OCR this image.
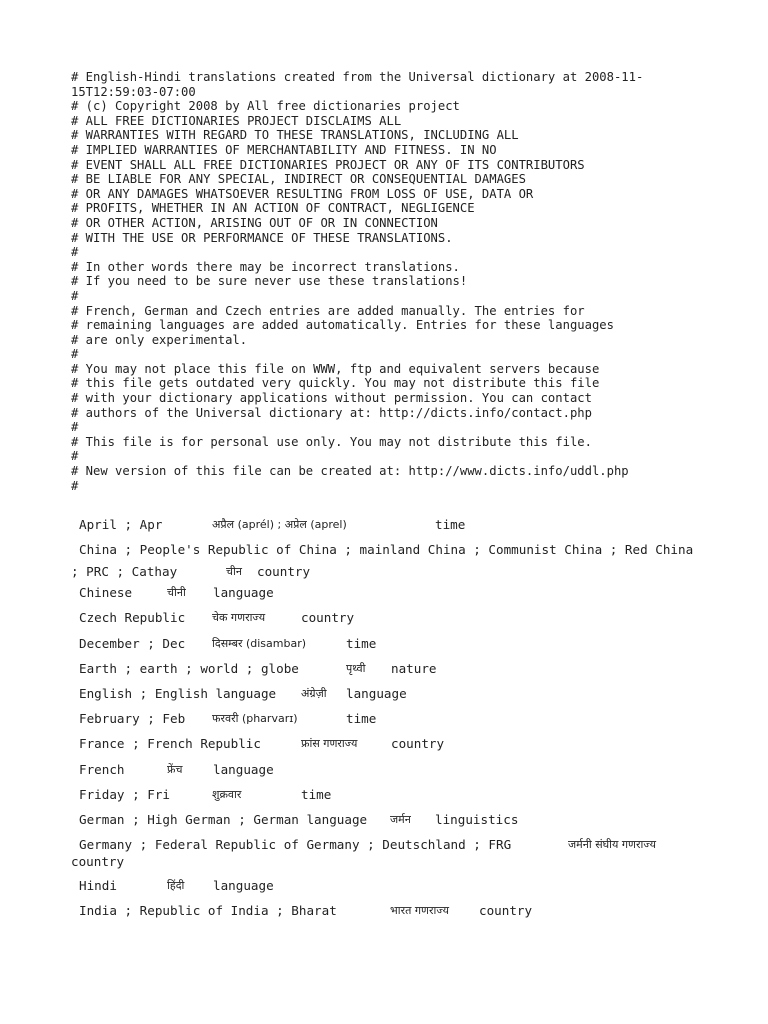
# English-Hindi translations created from the Universal dictionary at 2008-11-
15T12:59:03-07:00
# (c) Copyright 2008 by All free dictionaries project
# ALL FREE DICTIONARIES PROJECT DISCLAIMS ALL
# WARRANTIES WITH REGARD TO THESE TRANSLATIONS, INCLUDING ALL
# IMPLIED WARRANTIES OF MERCHANTABILITY AND FITNESS. IN NO
# EVENT SHALL ALL FREE DICTIONARIES PROJECT OR ANY OF ITS CONTRIBUTORS
# BE LIABLE FOR ANY SPECIAL, INDIRECT OR CONSEQUENTIAL DAMAGES
# OR ANY DAMAGES WHATSOEVER RESULTING FROM LOSS OF USE, DATA OR
# PROFITS, WHETHER IN AN ACTION OF CONTRACT, NEGLIGENCE
# OR OTHER ACTION, ARISING OUT OF OR IN CONNECTION
# WITH THE USE OR PERFORMANCE OF THESE TRANSLATIONS.
#
# In other words there may be incorrect translations.
# If you need to be sure never use these translations!
#
# French, German and Czech entries are added manually. The entries for
# remaining languages are added automatically. Entries for these languages
# are only experimental.
#
# You may not place this file on WWW, ftp and equivalent servers because
# this file gets outdated very quickly. You may not distribute this file
# with your dictionary applications without permission. You can contact
# authors of the Universal dictionary at: http://dicts.info/contact.php
#
# This file is for personal use only. You may not distribute this file.
#
# New version of this file can be created at: http://www.dicts.info/uddl.php
#
April ; Apr	अप्रैल (aprél) ; अप्रेल (aprel)	time
China ; People's Republic of China ; mainland China ; Communist China ; Red China
; PRC ; Cathay	चीन country
Chinese	चीनी language
Czech Republic चेक गणराज्य	country
December ; Dec दिसम्बर (disambar)	time
Earth ; earth ; world ; globe	पृथ्वी nature
English ; English language अंग्रेज़ी language
February ; Feb फरवरी (pharvarɪ)	time
France ; French Republic	फ्रांस गणराज्य	country
French	फ्रेंच language
Friday ; Fri	शुक्रवार	time
German ; High German ; German language जर्मन linguistics
Germany ; Federal Republic of Germany ; Deutschland ; FRG	जर्मनी संघीय गणराज्य
country
Hindi	हिंदी language
India ; Republic of India ; Bharat	भारत गणराज्य country
